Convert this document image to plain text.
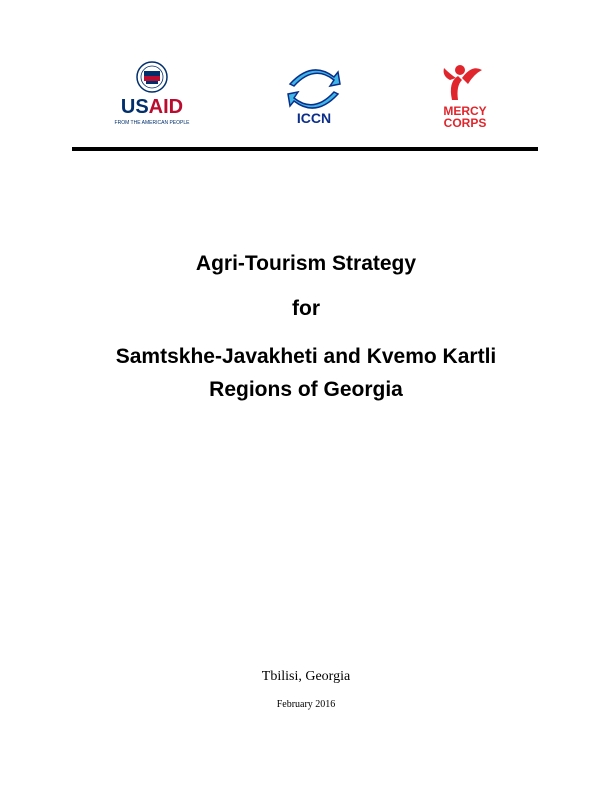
USAID
FROM THE AMERICAN PEOPLE	ICCN	MERCY
CORPS
Agri-Tourism Strategy
for
Samtskhe-Javakheti and Kvemo Kartli
Regions of Georgia
Tbilisi, Georgia
February 2016
